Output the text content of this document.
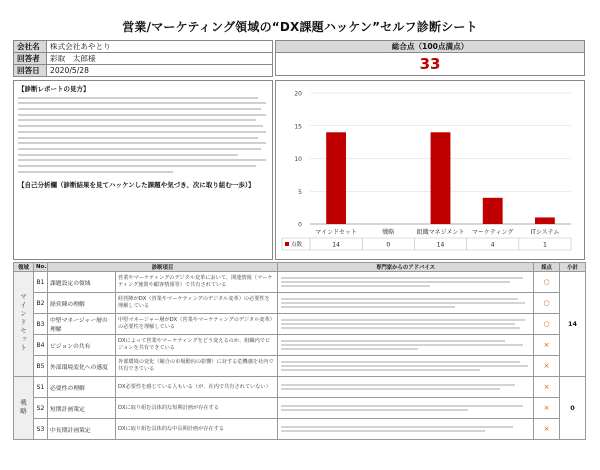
営業/マーケティング領域の“DX課題ハッケン”セルフ診断シート
会社名	株式会社あやとり
回答者	彩取　太郎様
回答日	2020/5/28
総合点（100点満点）
33
【診断レポートの見方】
【自己分析欄（診断結果を見てハッケンした課題や気づき、次に取り組む一歩）】
0
5
10
15
20
マインドセット	戦略	組織マネジメント マーケティング	ITシステム
点数	14	0	14	4	1
領域	No.	診断項目		専門家からのアドバイス	採点	小計
マインドセット	B1	課題設定の領域	営業やマーケティングのデジタル変革において、関連情報（マーケティング施策や顧客情報等）で共有されている		○	14
	B2	経営陣の理解	経営陣がDX（営業やマーケティングのデジタル変革）の必要性を理解している		○	
	B3	中堅マネージャー層の理解	中堅マネージャー層がDX（営業やマーケティングのデジタル変革）の必要性を理解している		○	
	B4	ビジョンの共有	DXによって営業やマーケティングをどう変えるのか、組織内でビジョンを共有できている		×	
	B5	外部環境変化への感度	外部環境の変化（競合の市場動向の影響）に対する危機感を社内で共有できている		×	
戦略	S1	必要性の理解	DX必要性を感じている人もいる（が、社内で共有されていない）		×	0
	S2	短期計画策定	DXに取り組む具体的な短期計画が存在する		×	
	S3	中長期計画策定	DXに取り組む具体的な中長期計画が存在する		×	
